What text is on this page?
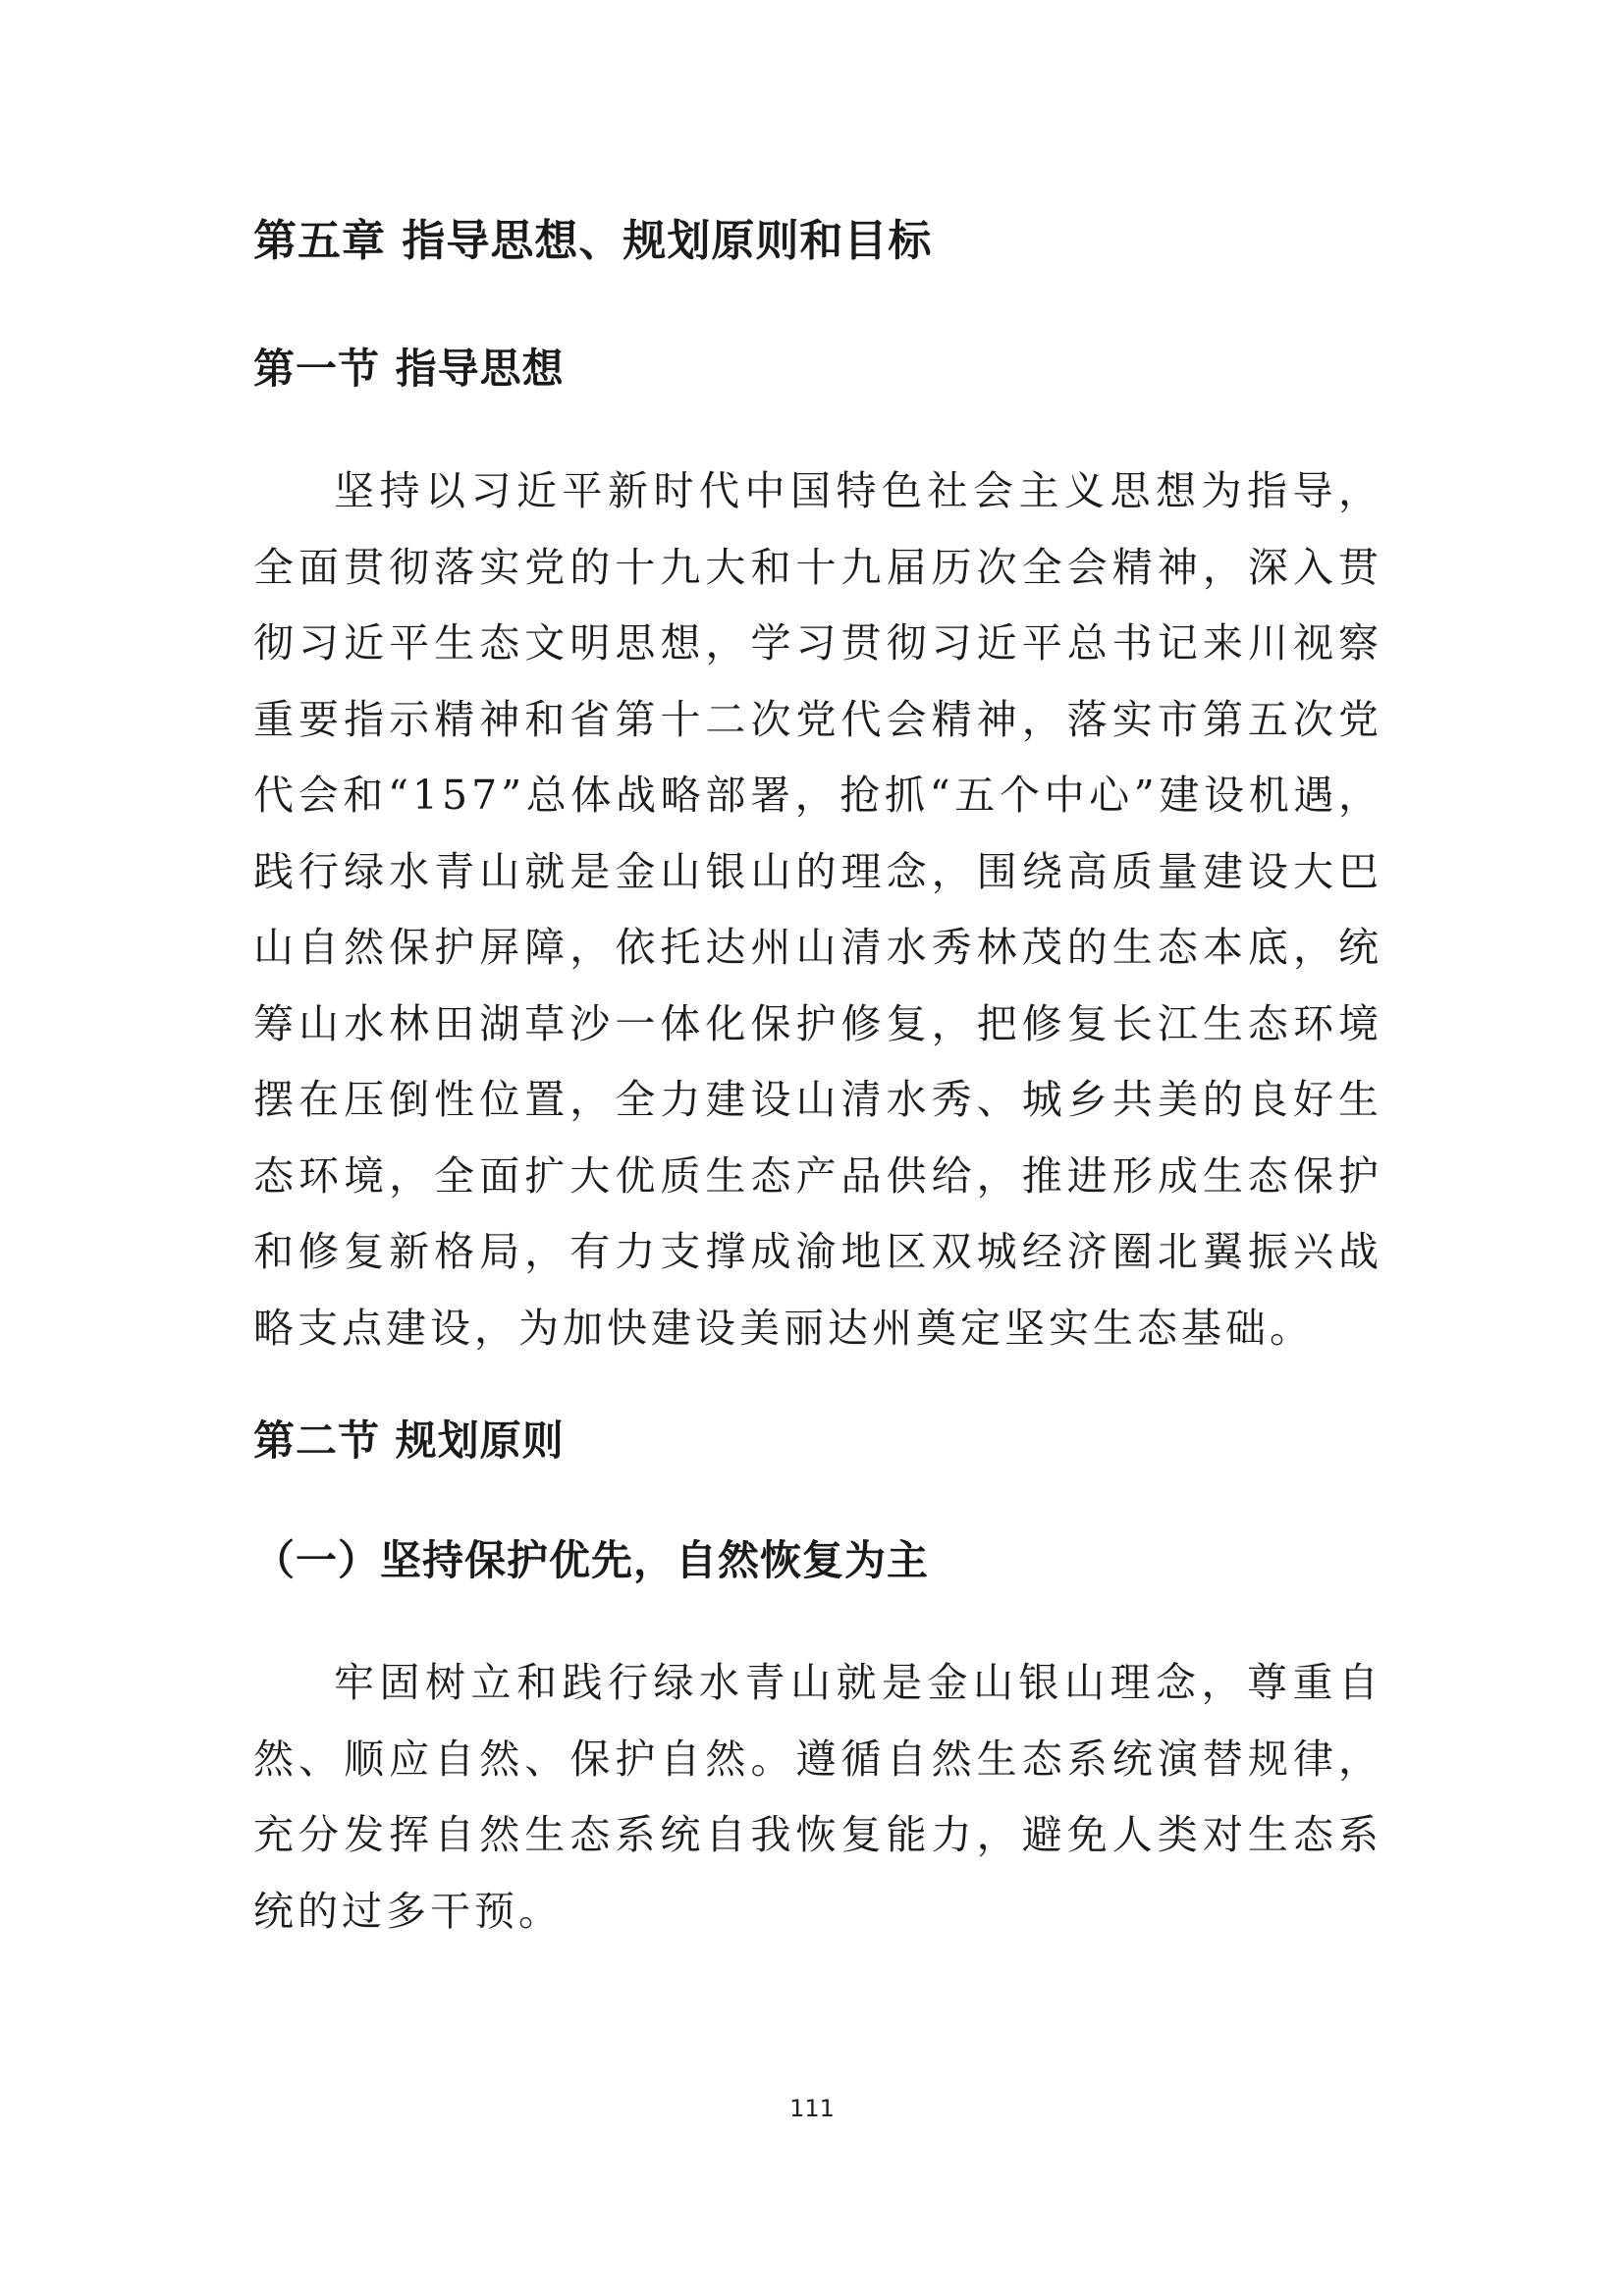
第五章 指导思想、规划原则和目标
第一节 指导思想

坚持以习近平新时代中国特色社会主义思想为指导，全面贯彻落实党的十九大和十九届历次全会精神，深入贯彻习近平生态文明思想，学习贯彻习近平总书记来川视察重要指示精神和省第十二次党代会精神，落实市第五次党代会和“157”总体战略部署，抢抓“五个中心”建设机遇，践行绿水青山就是金山银山的理念，围绕高质量建设大巴山自然保护屏障，依托达州山清水秀林茂的生态本底，统筹山水林田湖草沙一体化保护修复，把修复长江生态环境摆在压倒性位置，全力建设山清水秀、城乡共美的良好生态环境，全面扩大优质生态产品供给，推进形成生态保护和修复新格局，有力支撑成渝地区双城经济圈北翼振兴战略支点建设，为加快建设美丽达州奠定坚实生态基础。

第二节 规划原则
（一）坚持保护优先，自然恢复为主

牢固树立和践行绿水青山就是金山银山理念，尊重自然、顺应自然、保护自然。遵循自然生态系统演替规律，充分发挥自然生态系统自我恢复能力，避免人类对生态系统的过多干预。

111
